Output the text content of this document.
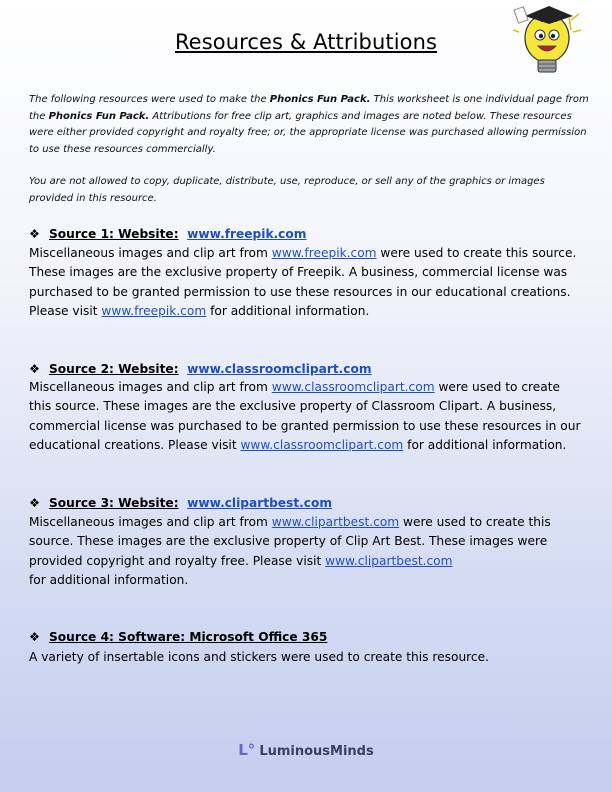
Resources & Attributions
The following resources were used to make the Phonics Fun Pack. This worksheet is one individual page from the Phonics Fun Pack. Attributions for free clip art, graphics and images are noted below. These resources were either provided copyright and royalty free; or, the appropriate license was purchased allowing permission to use these resources commercially.
You are not allowed to copy, duplicate, distribute, use, reproduce, or sell any of the graphics or images provided in this resource.
❖ Source 1: Website: www.freepik.com
Miscellaneous images and clip art from www.freepik.com were used to create this source. These images are the exclusive property of Freepik. A business, commercial license was purchased to be granted permission to use these resources in our educational creations. Please visit www.freepik.com for additional information.
❖ Source 2: Website: www.classroomclipart.com
Miscellaneous images and clip art from www.classroomclipart.com were used to create this source. These images are the exclusive property of Classroom Clipart. A business, commercial license was purchased to be granted permission to use these resources in our educational creations. Please visit www.classroomclipart.com for additional information.
❖ Source 3: Website: www.clipartbest.com
Miscellaneous images and clip art from www.clipartbest.com were used to create this source. These images are the exclusive property of Clip Art Best. These images were provided copyright and royalty free. Please visit www.clipartbest.com
for additional information.
❖ Source 4: Software: Microsoft Office 365
A variety of insertable icons and stickers were used to create this resource.
L° LuminousMinds
